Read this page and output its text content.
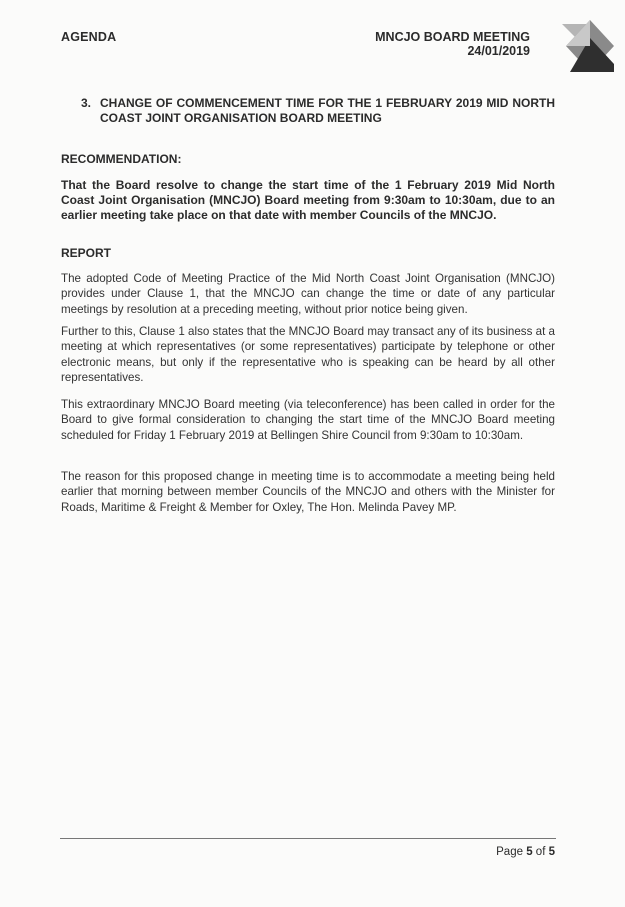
AGENDA	MNCJO BOARD MEETING
24/01/2019
3. CHANGE OF COMMENCEMENT TIME FOR THE 1 FEBRUARY 2019 MID NORTH COAST JOINT ORGANISATION BOARD MEETING
RECOMMENDATION:
That the Board resolve to change the start time of the 1 February 2019 Mid North Coast Joint Organisation (MNCJO) Board meeting from 9:30am to 10:30am, due to an earlier meeting take place on that date with member Councils of the MNCJO.
REPORT
The adopted Code of Meeting Practice of the Mid North Coast Joint Organisation (MNCJO) provides under Clause 1, that the MNCJO can change the time or date of any particular meetings by resolution at a preceding meeting, without prior notice being given.
Further to this, Clause 1 also states that the MNCJO Board may transact any of its business at a meeting at which representatives (or some representatives) participate by telephone or other electronic means, but only if the representative who is speaking can be heard by all other representatives.
This extraordinary MNCJO Board meeting (via teleconference) has been called in order for the Board to give formal consideration to changing the start time of the MNCJO Board meeting scheduled for Friday 1 February 2019 at Bellingen Shire Council from 9:30am to 10:30am.
The reason for this proposed change in meeting time is to accommodate a meeting being held earlier that morning between member Councils of the MNCJO and others with the Minister for Roads, Maritime & Freight & Member for Oxley, The Hon. Melinda Pavey MP.
Page 5 of 5
